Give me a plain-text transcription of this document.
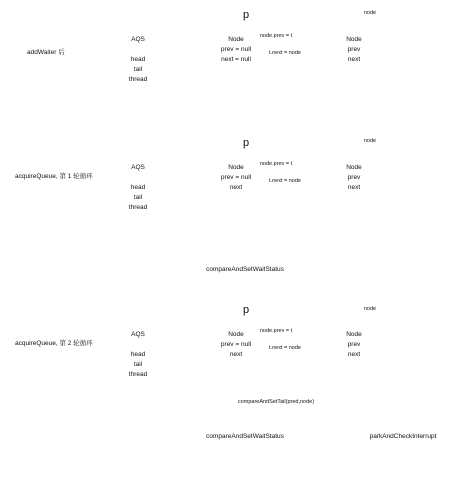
addWaiter 后
AQS

head
tail
thread
p
Node
prev = null
next = null
node.prev = t
t.next = node
node
Node
prev
next
acquireQueue, 第 1 轮循环
AQS

head
tail
thread
p
Node
prev = null
next
node.prev = t
t.next = node
node
Node
prev
next
compareAndSetWaitStatus
acquireQueue, 第 2 轮循环
AQS

head
tail
thread
p
Node
prev = null
next
node.prev = t
t.next = node
node
Node
prev
next
compareAndSetTail(pred,node)
compareAndSetWaitStatus	parkAndCheckInterrupt
